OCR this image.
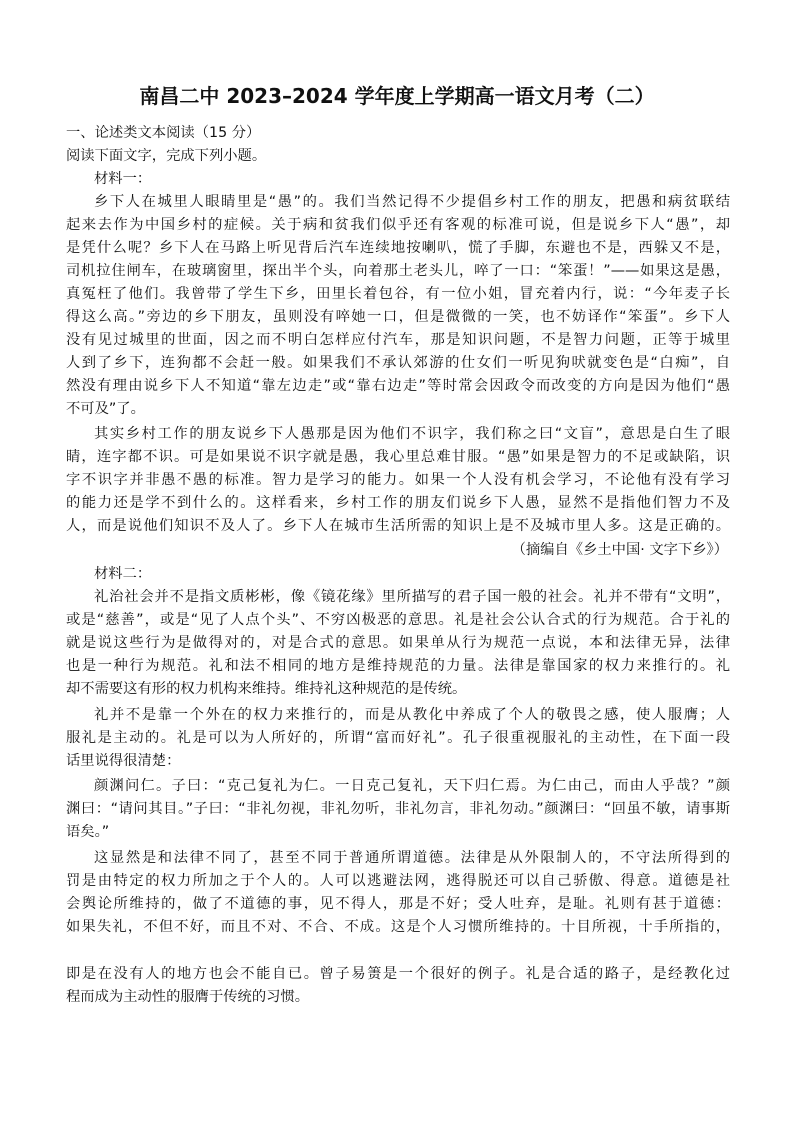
南昌二中 2023–2024 学年度上学期高一语文月考（二）
一、论述类文本阅读（15 分）
阅读下面文字，完成下列小题。
材料一：
乡下人在城里人眼睛里是“愚”的。我们当然记得不少提倡乡村工作的朋友，把愚和病贫联结
起来去作为中国乡村的症候。关于病和贫我们似乎还有客观的标准可说，但是说乡下人“愚”，却
是凭什么呢？乡下人在马路上听见背后汽车连续地按喇叭，慌了手脚，东避也不是，西躲又不是，
司机拉住闸车，在玻璃窗里，探出半个头，向着那土老头儿，啐了一口：“笨蛋！”——如果这是愚，
真冤枉了他们。我曾带了学生下乡，田里长着包谷，有一位小姐，冒充着内行，说：“今年麦子长
得这么高。”旁边的乡下朋友，虽则没有啐她一口，但是微微的一笑，也不妨译作“笨蛋”。乡下人
没有见过城里的世面，因之而不明白怎样应付汽车，那是知识问题，不是智力问题，正等于城里
人到了乡下，连狗都不会赶一般。如果我们不承认郊游的仕女们一听见狗吠就变色是“白痴”，自
然没有理由说乡下人不知道“靠左边走”或“靠右边走”等时常会因政令而改变的方向是因为他们“愚
不可及”了。
其实乡村工作的朋友说乡下人愚那是因为他们不识字，我们称之曰“文盲”，意思是白生了眼
睛，连字都不识。可是如果说不识字就是愚，我心里总难甘服。“愚”如果是智力的不足或缺陷，识
字不识字并非愚不愚的标准。智力是学习的能力。如果一个人没有机会学习，不论他有没有学习
的能力还是学不到什么的。这样看来，乡村工作的朋友们说乡下人愚，显然不是指他们智力不及
人，而是说他们知识不及人了。乡下人在城市生活所需的知识上是不及城市里人多。这是正确的。
（摘编自《乡土中国· 文字下乡》）
材料二：
礼治社会并不是指文质彬彬，像《镜花缘》里所描写的君子国一般的社会。礼并不带有“文明”，
或是“慈善”，或是“见了人点个头”、不穷凶极恶的意思。礼是社会公认合式的行为规范。合于礼的
就是说这些行为是做得对的，对是合式的意思。如果单从行为规范一点说，本和法律无异，法律
也是一种行为规范。礼和法不相同的地方是维持规范的力量。法律是靠国家的权力来推行的。礼
却不需要这有形的权力机构来维持。维持礼这种规范的是传统。
礼并不是靠一个外在的权力来推行的，而是从教化中养成了个人的敬畏之感，使人服膺；人
服礼是主动的。礼是可以为人所好的，所谓“富而好礼”。孔子很重视服礼的主动性，在下面一段
话里说得很清楚：
颜渊问仁。子曰：“克己复礼为仁。一日克己复礼，天下归仁焉。为仁由己，而由人乎哉？”颜
渊曰：“请问其目。”子曰：“非礼勿视，非礼勿听，非礼勿言，非礼勿动。”颜渊曰：“回虽不敏，请事斯
语矣。”
这显然是和法律不同了，甚至不同于普通所谓道德。法律是从外限制人的，不守法所得到的
罚是由特定的权力所加之于个人的。人可以逃避法网，逃得脱还可以自己骄傲、得意。道德是社
会舆论所维持的，做了不道德的事，见不得人，那是不好；受人吐弃，是耻。礼则有甚于道德：
如果失礼，不但不好，而且不对、不合、不成。这是个人习惯所维持的。十目所视，十手所指的，
即是在没有人的地方也会不能自已。曾子易箦是一个很好的例子。礼是合适的路子，是经教化过
程而成为主动性的服膺于传统的习惯。
